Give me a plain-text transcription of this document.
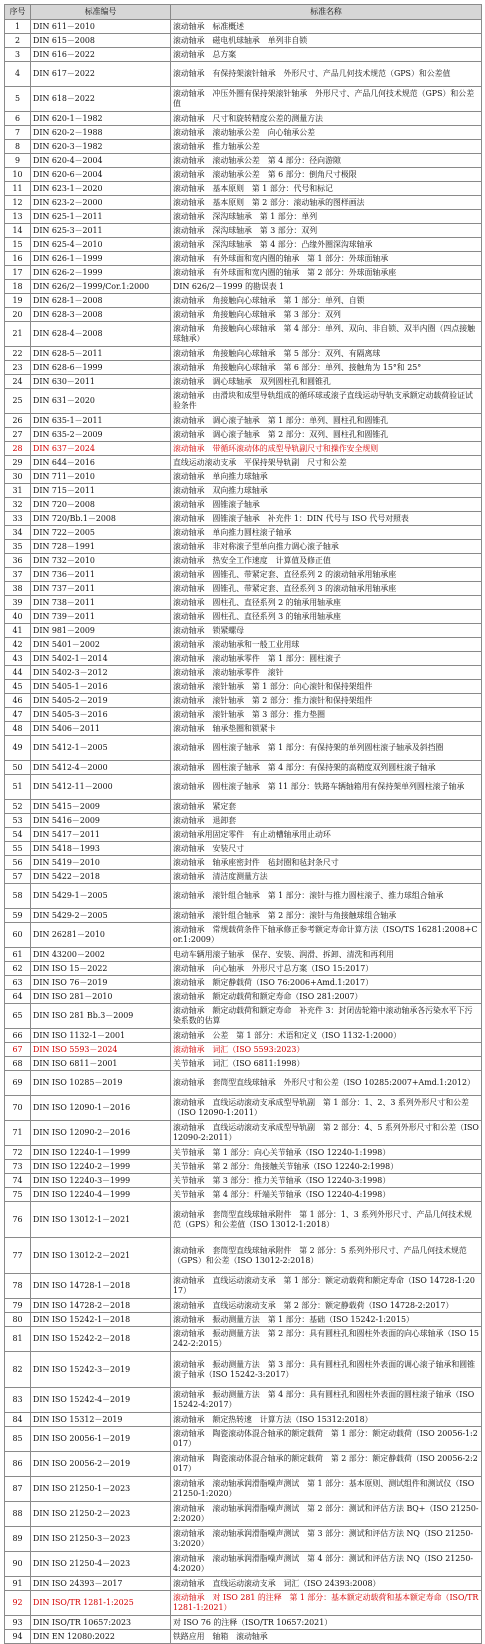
序号	标准编号	标准名称
1	DIN 611－2010	滚动轴承　标准概述
2	DIN 615－2008	滚动轴承　磁电机球轴承　单列非自锁
3	DIN 616－2022	滚动轴承　总方案
4	DIN 617－2022	滚动轴承　有保持架滚针轴承　外形尺寸、产品几何技术规范（GPS）和公差值
5	DIN 618－2022	滚动轴承　冲压外圈有保持架滚针轴承　外形尺寸、产品几何技术规范（GPS）和公差值
6	DIN 620-1－1982	滚动轴承　尺寸和旋转精度公差的测量方法
7	DIN 620-2－1988	滚动轴承　滚动轴承公差　向心轴承公差
8	DIN 620-3－1982	滚动轴承　推力轴承公差
9	DIN 620-4－2004	滚动轴承　滚动轴承公差　第 4 部分：径向游隙
10	DIN 620-6－2004	滚动轴承　滚动轴承公差　第 6 部分：倒角尺寸极限
11	DIN 623-1－2020	滚动轴承　基本原则　第 1 部分：代号和标记
12	DIN 623-2－2000	滚动轴承　基本原则　第 2 部分：滚动轴承的图样画法
13	DIN 625-1－2011	滚动轴承　深沟球轴承　第 1 部分：单列
14	DIN 625-3－2011	滚动轴承　深沟球轴承　第 3 部分：双列
15	DIN 625-4－2010	滚动轴承　深沟球轴承　第 4 部分：凸缘外圈深沟球轴承
16	DIN 626-1－1999	滚动轴承　有外球面和宽内圈的轴承　第 1 部分：外球面轴承
17	DIN 626-2－1999	滚动轴承　有外球面和宽内圈的轴承　第 2 部分：外球面轴承座
18	DIN 626/2－1999/Cor.1:2000	DIN 626/2－1999 的勘误表 1
19	DIN 628-1－2008	滚动轴承　角接触向心球轴承　第 1 部分：单列、自锁
20	DIN 628-3－2008	滚动轴承　角接触向心球轴承　第 3 部分：双列
21	DIN 628-4－2008	滚动轴承　角接触向心球轴承　第 4 部分：单列、双向、非自锁、双半内圈（四点接触球轴承）
22	DIN 628-5－2011	滚动轴承　角接触向心球轴承　第 5 部分：双列、有隔离球
23	DIN 628-6－1999	滚动轴承　角接触向心球轴承　第 6 部分：单列、接触角为 15°和 25°
24	DIN 630－2011	滚动轴承　调心球轴承　双列圆柱孔和圆锥孔
25	DIN 631－2020	滚动轴承　由滑块和成型导轨组成的循环球或滚子直线运动导轨支承额定动载荷验证试验条件
26	DIN 635-1－2011	滚动轴承　调心滚子轴承　第 1 部分：单列、圆柱孔和圆锥孔
27	DIN 635-2－2009	滚动轴承　调心滚子轴承　第 2 部分：双列、圆柱孔和圆锥孔
28	DIN 637－2024	滚动轴承　带循环滚动体的成型导轨副尺寸和操作安全规则
29	DIN 644－2016	直线运动滚动支承　平保持架导轨副　尺寸和公差
30	DIN 711－2010	滚动轴承　单向推力球轴承
31	DIN 715－2011	滚动轴承　双向推力球轴承
32	DIN 720－2008	滚动轴承　圆锥滚子轴承
33	DIN 720/Bb.1－2008	滚动轴承　圆锥滚子轴承　补充件 1：DIN 代号与 ISO 代号对照表
34	DIN 722－2005	滚动轴承　单向推力圆柱滚子轴承
35	DIN 728－1991	滚动轴承　非对称滚子型单向推力调心滚子轴承
36	DIN 732－2010	滚动轴承　热安全工作速度　计算值及修正值
37	DIN 736－2011	滚动轴承　圆锥孔、带紧定套、直径系列 2 的滚动轴承用轴承座
38	DIN 737－2011	滚动轴承　圆锥孔、带紧定套、直径系列 3 的滚动轴承用轴承座
39	DIN 738－2011	滚动轴承　圆柱孔、直径系列 2 的轴承用轴承座
40	DIN 739－2011	滚动轴承　圆柱孔、直径系列 3 的轴承用轴承座
41	DIN 981－2009	滚动轴承　锁紧螺母
42	DIN 5401－2002	滚动轴承　滚动轴承和一般工业用球
43	DIN 5402-1－2014	滚动轴承　滚动轴承零件　第 1 部分：圆柱滚子
44	DIN 5402-3－2012	滚动轴承　滚动轴承零件　滚针
45	DIN 5405-1－2016	滚动轴承　滚针轴承　第 1 部分：向心滚针和保持架组件
46	DIN 5405-2－2019	滚动轴承　滚针轴承　第 2 部分：推力滚针和保持架组件
47	DIN 5405-3－2016	滚动轴承　滚针轴承　第 3 部分：推力垫圈
48	DIN 5406－2011	滚动轴承　轴承垫圈和锁紧卡
49	DIN 5412-1－2005	滚动轴承　圆柱滚子轴承　第 1 部分：有保持架的单列圆柱滚子轴承及斜挡圈
50	DIN 5412-4－2000	滚动轴承　圆柱滚子轴承　第 4 部分：有保持架的高精度双列圆柱滚子轴承
51	DIN 5412-11－2000	滚动轴承　圆柱滚子轴承　第 11 部分：铁路车辆轴箱用有保持架单列圆柱滚子轴承
52	DIN 5415－2009	滚动轴承　紧定套
53	DIN 5416－2009	滚动轴承　退卸套
54	DIN 5417－2011	滚动轴承用固定零件　有止动槽轴承用止动环
55	DIN 5418－1993	滚动轴承　安装尺寸
56	DIN 5419－2010	滚动轴承　轴承座密封件　毡封圈和毡封条尺寸
57	DIN 5422－2018	滚动轴承　清洁度测量方法
58	DIN 5429-1－2005	滚动轴承　滚针组合轴承　第 1 部分：滚针与推力圆柱滚子、推力球组合轴承
59	DIN 5429-2－2005	滚动轴承　滚针组合轴承　第 2 部分：滚针与角接触球组合轴承
60	DIN 26281－2010	滚动轴承　常规载荷条件下轴承修正参考额定寿命计算方法（ISO/TS 16281:2008+Cor.1:2009）
61	DIN 43200－2002	电动车辆用滚子轴承　保存、安装、润滑、拆卸、清洗和再利用
62	DIN ISO 15－2022	滚动轴承　向心轴承　外形尺寸总方案（ISO 15:2017）
63	DIN ISO 76－2019	滚动轴承　额定静载荷（ISO 76:2006+Amd.1:2017）
64	DIN ISO 281－2010	滚动轴承　额定动载荷和额定寿命（ISO 281:2007）
65	DIN ISO 281 Bb.3－2009	滚动轴承　额定动载荷和额定寿命　补充件 3：封闭齿轮箱中滚动轴承各污染水平下污染系数的估算
66	DIN ISO 1132-1－2001	滚动轴承　公差　第 1 部分：术语和定义（ISO 1132-1:2000）
67	DIN ISO 5593－2024	滚动轴承　词汇（ISO 5593:2023）
68	DIN ISO 6811－2001	关节轴承　词汇（ISO 6811:1998）
69	DIN ISO 10285－2019	滚动轴承　套筒型直线球轴承　外形尺寸和公差（ISO 10285:2007+Amd.1:2012）
70	DIN ISO 12090-1－2016	滚动轴承　直线运动滚动支承成型导轨副　第 1 部分：1、2、3 系列外形尺寸和公差（ISO 12090-1:2011）
71	DIN ISO 12090-2－2016	滚动轴承　直线运动滚动支承成型导轨副　第 2 部分：4、5 系列外形尺寸和公差（ISO 12090-2:2011）
72	DIN ISO 12240-1－1999	关节轴承　第 1 部分：向心关节轴承（ISO 12240-1:1998）
73	DIN ISO 12240-2－1999	关节轴承　第 2 部分：角接触关节轴承（ISO 12240-2:1998）
74	DIN ISO 12240-3－1999	关节轴承　第 3 部分：推力关节轴承（ISO 12240-3:1998）
75	DIN ISO 12240-4－1999	关节轴承　第 4 部分：杆端关节轴承（ISO 12240-4:1998）
76	DIN ISO 13012-1－2021	滚动轴承　套筒型直线球轴承附件　第 1 部分：1、3 系列外形尺寸、产品几何技术规范（GPS）和公差值（ISO 13012-1:2018）
77	DIN ISO 13012-2－2021	滚动轴承　套筒型直线球轴承附件　第 2 部分：5 系列外形尺寸、产品几何技术规范（GPS）和公差（ISO 13012-2:2018）
78	DIN ISO 14728-1－2018	滚动轴承　直线运动滚动支承　第 1 部分：额定动载荷和额定寿命（ISO 14728-1:2017）
79	DIN ISO 14728-2－2018	滚动轴承　直线运动滚动支承　第 2 部分：额定静载荷（ISO 14728-2:2017）
80	DIN ISO 15242-1－2018	滚动轴承　振动测量方法　第 1 部分：基础（ISO 15242-1:2015）
81	DIN ISO 15242-2－2018	滚动轴承　振动测量方法　第 2 部分：具有圆柱孔和圆柱外表面的向心球轴承（ISO 15242-2:2015）
82	DIN ISO 15242-3－2019	滚动轴承　振动测量方法　第 3 部分：具有圆柱孔和圆柱外表面的调心滚子轴承和圆锥滚子轴承（ISO 15242-3:2017）
83	DIN ISO 15242-4－2019	滚动轴承　振动测量方法　第 4 部分：具有圆柱孔和圆柱外表面的圆柱滚子轴承（ISO 15242-4:2017）
84	DIN ISO 15312－2019	滚动轴承　额定热转速　计算方法（ISO 15312:2018）
85	DIN ISO 20056-1－2019	滚动轴承　陶瓷滚动体混合轴承的额定载荷　第 1 部分：额定动载荷（ISO 20056-1:2017）
86	DIN ISO 20056-2－2019	滚动轴承　陶瓷滚动体混合轴承的额定载荷　第 2 部分：额定静载荷（ISO 20056-2:2017）
87	DIN ISO 21250-1－2023	滚动轴承　滚动轴承润滑脂噪声测试　第 1 部分：基本原则、测试组件和测试仪（ISO 21250-1:2020）
88	DIN ISO 21250-2－2023	滚动轴承　滚动轴承润滑脂噪声测试　第 2 部分：测试和评估方法 BQ+（ISO 21250-2:2020）
89	DIN ISO 21250-3－2023	滚动轴承　滚动轴承润滑脂噪声测试　第 3 部分：测试和评估方法 NQ（ISO 21250-3:2020）
90	DIN ISO 21250-4－2023	滚动轴承　滚动轴承润滑脂噪声测试　第 4 部分：测试和评估方法 NQ（ISO 21250-4:2020）
91	DIN ISO 24393－2017	滚动轴承　直线运动滚动支承　词汇（ISO 24393:2008）
92	DIN ISO/TR 1281-1:2025	滚动轴承　对 ISO 281 的注释　第 1 部分：基本额定动载荷和基本额定寿命（ISO/TR 1281-1:2021）
93	DIN ISO/TR 10657:2023	对 ISO 76 的注释（ISO/TR 10657:2021）
94	DIN EN 12080:2022	铁路应用　轴箱　滚动轴承
